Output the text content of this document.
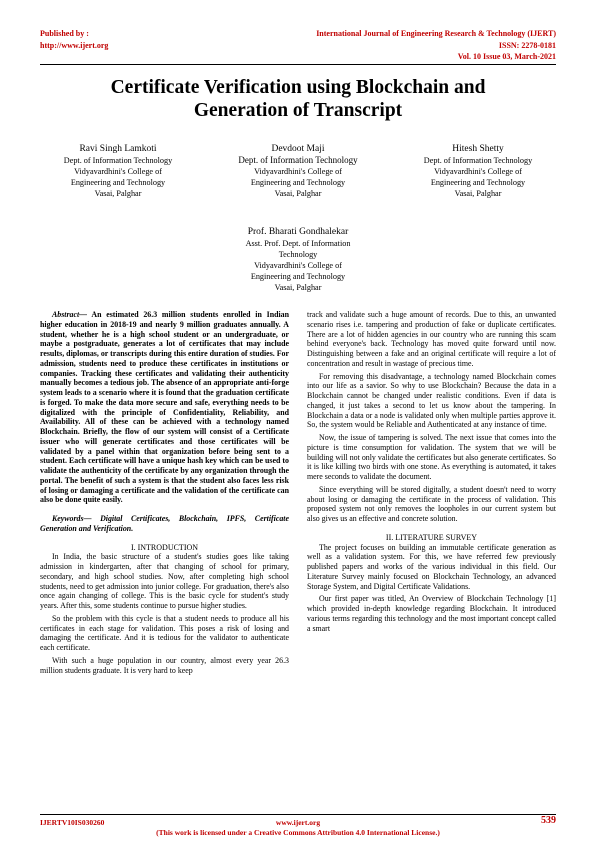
Published by :
http://www.ijert.org
International Journal of Engineering Research & Technology (IJERT)
ISSN: 2278-0181
Vol. 10 Issue 03, March-2021
Certificate Verification using Blockchain and
Generation of Transcript
Ravi Singh Lamkoti
Dept. of Information Technology
Vidyavardhini's College of
Engineering and Technology
Vasai, Palghar
Devdoot Maji
Dept. of Information Technology
Vidyavardhini's College of
Engineering and Technology
Vasai, Palghar
Hitesh Shetty
Dept. of Information Technology
Vidyavardhini's College of
Engineering and Technology
Vasai, Palghar
Prof. Bharati Gondhalekar
Asst. Prof. Dept. of Information
Technology
Vidyavardhini's College of
Engineering and Technology
Vasai, Palghar

Abstract— An estimated 26.3 million students enrolled in Indian higher education in 2018-19 and nearly 9 million graduates annually. A student, whether he is a high school student or an undergraduate, or maybe a postgraduate, generates a lot of certificates that may include results, diplomas, or transcripts during this entire duration of studies. For admission, students need to produce these certificates in institutions or companies. Tracking these certificates and validating their authenticity manually becomes a tedious job. The absence of an appropriate anti-forge system leads to a scenario where it is found that the graduation certificate is forged. To make the data more secure and safe, everything needs to be digitalized with the principle of Confidentiality, Reliability, and Availability. All of these can be achieved with a technology named Blockchain. Briefly, the flow of our system will consist of a Certificate issuer who will generate certificates and those certificates will be validated by a panel within that organization before being sent to a student. Each certificate will have a unique hash key which can be used to validate the authenticity of the certificate by any organization through the portal. The benefit of such a system is that the student also faces less risk of losing or damaging a certificate and the validation of the certificate can also be done quite easily.

Keywords— Digital Certificates, Blockchain, IPFS, Certificate Generation and Verification.

I. INTRODUCTION

In India, the basic structure of a student's studies goes like taking admission in kindergarten, after that changing of school for primary, secondary, and high school studies. Now, after completing high school students, need to get admission into junior college. For graduation, there's also once again changing of college. This is the basic cycle for student's study years. After this, some students continue to pursue higher studies.

So the problem with this cycle is that a student needs to produce all his certificates in each stage for validation. This poses a risk of losing and damaging the certificate. And it is tedious for the validator to authenticate each certificate.

With such a huge population in our country, almost every year 26.3 million students graduate. It is very hard to keep

track and validate such a huge amount of records. Due to this, an unwanted scenario rises i.e. tampering and production of fake or duplicate certificates. There are a lot of hidden agencies in our country who are running this scam behind everyone's back. Technology has moved quite forward until now. Distinguishing between a fake and an original certificate will require a lot of concentration and result in wastage of precious time.

For removing this disadvantage, a technology named Blockchain comes into our life as a savior. So why to use Blockchain? Because the data in a Blockchain cannot be changed under realistic conditions. Even if data is changed, it just takes a second to let us know about the tampering. In Blockchain a data or a node is validated only when multiple parties approve it. So, the system would be Reliable and Authenticated at any instance of time.

Now, the issue of tampering is solved. The next issue that comes into the picture is time consumption for validation. The system that we will be building will not only validate the certificates but also generate certificates. So it is like killing two birds with one stone. As everything is automated, it takes mere seconds to validate the document.

Since everything will be stored digitally, a student doesn't need to worry about losing or damaging the certificate in the process of validation. This proposed system not only removes the loopholes in our current system but also gives us an effective and concrete solution.

II. LITERATURE SURVEY

The project focuses on building an immutable certificate generation as well as a validation system. For this, we have referred few previously published papers and works of the various individual in this field. Our Literature Survey mainly focused on Blockchain Technology, an advanced Storage System, and Digital Certificate Validations.

Our first paper was titled, An Overview of Blockchain Technology [1] which provided in-depth knowledge regarding Blockchain. It introduced various terms regarding this technology and the most important concept called a smart

IJERTV10IS030260	www.ijert.org	539
(This work is licensed under a Creative Commons Attribution 4.0 International License.)
